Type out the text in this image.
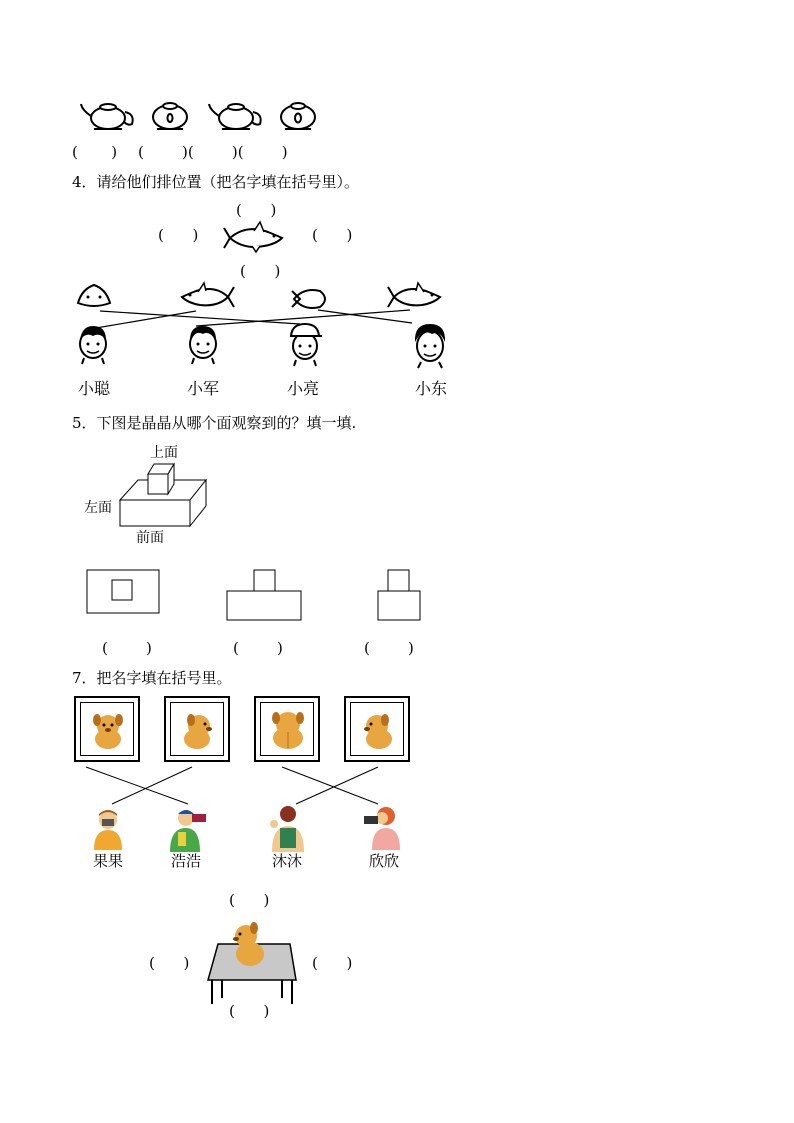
(       ) (        )(        )(        )
4．请给他们排位置（把名字填在括号里）。
(      )
(      )	(      )
(      )
小聪	小军	小亮	小东
5．下图是晶晶从哪个面观察到的？填一填.
上面
左面
前面
(        )	(        )	(        )
7．把名字填在括号里。
果果	浩浩	沐沐	欣欣
(      )
(      )	(      )
(      )
